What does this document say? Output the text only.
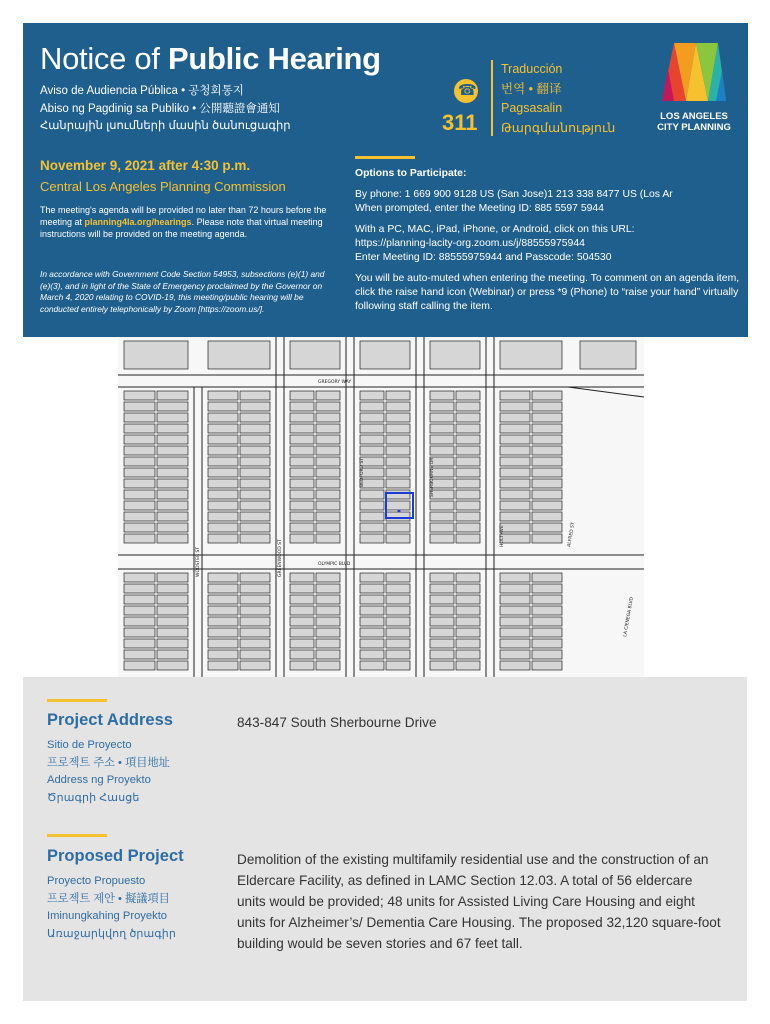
Notice of Public Hearing
Aviso de Audiencia Pública • 공청회통지
Abiso ng Pagdinig sa Publiko • 公開聽證會通知
Հանրային լսումների մասին ծանուցագիր
☎	311
Traducción
번역 • 翻译
Pagsasalin
Թարգմանություն
LOS ANGELES
CITY PLANNING
November 9, 2021 after 4:30 p.m.
Central Los Angeles Planning Commission
The meeting's agenda will be provided no later than 72 hours before the meeting at planning4la.org/hearings. Please note that virtual meeting instructions will be provided on the meeting agenda.
In accordance with Government Code Section 54953, subsections (e)(1) and (e)(3), and in light of the State of Emergency proclaimed by the Governor on March 4, 2020 relating to COVID-19, this meeting/public hearing will be conducted entirely telephonically by Zoom [https://zoom.us/].

Options to Participate:

By phone: 1 669 900 9128 US (San Jose)1 213 338 8477 US (Los Ar
When prompted, enter the Meeting ID: 885 5597 5944

With a PC, MAC, iPad, iPhone, or Android, click on this URL:
https://planning-lacity-org.zoom.us/j/88555975944
Enter Meeting ID: 88555975944 and Passcode: 504530

You will be auto-muted when entering the meeting. To comment on an agenda item, click the raise hand icon (Webinar) or press *9 (Phone) to “raise your hand” virtually following staff calling the item.

GREGORY WAY
OLYMPIC BLVD
BEDFORD ST	SHERBOURNE DR
HOLT AVE
WOOSTER ST	GREENWOOD ST
LA CIENEGA BLVD
ALFRED ST
Project Address
Sitio de Proyecto
프로젝트 주소 • 項目地址
Address ng Proyekto
Ծրագրի Հասցե
843-847 South Sherbourne Drive
Proposed Project
Proyecto Propuesto
프로젝트 제안 • 擬議項目
Iminungkahing Proyekto
Առաջարկվող ծրագիր
Demolition of the existing multifamily residential use and the construction of an Eldercare Facility, as defined in LAMC Section 12.03. A total of 56 eldercare units would be provided; 48 units for Assisted Living Care Housing and eight units for Alzheimer’s/ Dementia Care Housing. The proposed 32,120 square-foot building would be seven stories and 67 feet tall.
